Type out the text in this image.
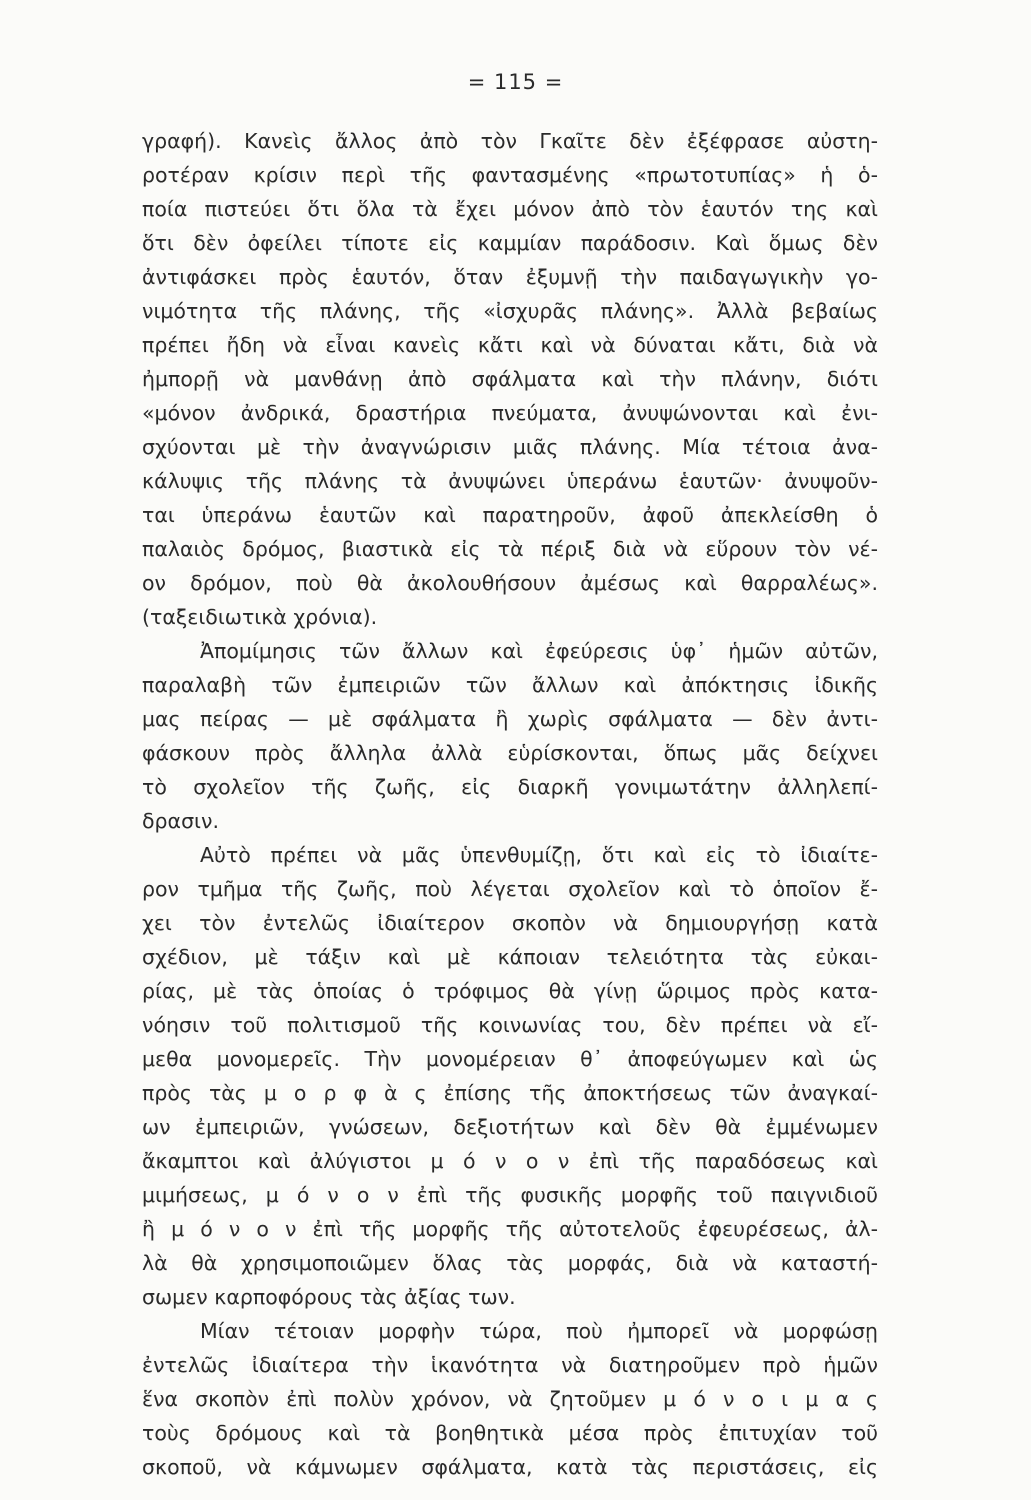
= 115 =
γραφή). Κανεὶς ἄλλος ἀπὸ τὸν Γκαῖτε δὲν ἐξέφρασε αὐστη-
ροτέραν κρίσιν περὶ τῆς φαντασμένης «πρωτοτυπίας» ἡ ὁ-
ποία πιστεύει ὅτι ὅλα τὰ ἔχει μόνον ἀπὸ τὸν ἑαυτόν της καὶ
ὅτι δὲν ὀφείλει τίποτε εἰς καμμίαν παράδοσιν. Καὶ ὅμως δὲν
ἀντιφάσκει πρὸς ἑαυτόν, ὅταν ἐξυμνῇ τὴν παιδαγωγικὴν γο-
νιμότητα τῆς πλάνης, τῆς «ἰσχυρᾶς πλάνης». Ἀλλὰ βεβαίως
πρέπει ἤδη νὰ εἶναι κανεὶς κἄτι καὶ νὰ δύναται κἄτι, διὰ νὰ
ἠμπορῇ νὰ μανθάνῃ ἀπὸ σφάλματα καὶ τὴν πλάνην, διότι
«μόνον ἀνδρικά, δραστήρια πνεύματα, ἀνυψώνονται καὶ ἐνι-
σχύονται μὲ τὴν ἀναγνώρισιν μιᾶς πλάνης. Μία τέτοια ἀνα-
κάλυψις τῆς πλάνης τὰ ἀνυψώνει ὑπεράνω ἑαυτῶν· ἀνυψοῦν-
ται ὑπεράνω ἑαυτῶν καὶ παρατηροῦν, ἀφοῦ ἀπεκλείσθη ὁ
παλαιὸς δρόμος, βιαστικὰ εἰς τὰ πέριξ διὰ νὰ εὕρουν τὸν νέ-
ον δρόμον, ποὺ θὰ ἀκολουθήσουν ἀμέσως καὶ θαρραλέως».
(ταξειδιωτικὰ χρόνια).
Ἀπομίμησις τῶν ἄλλων καὶ ἐφεύρεσις ὑφ᾽ ἡμῶν αὐτῶν,
παραλαβὴ τῶν ἐμπειριῶν τῶν ἄλλων καὶ ἀπόκτησις ἰδικῆς
μας πείρας — μὲ σφάλματα ἢ χωρὶς σφάλματα — δὲν ἀντι-
φάσκουν πρὸς ἄλληλα ἀλλὰ εὑρίσκονται, ὅπως μᾶς δείχνει
τὸ σχολεῖον τῆς ζωῆς, εἰς διαρκῆ γονιμωτάτην ἀλληλεπί-
δρασιν.
Αὐτὸ πρέπει νὰ μᾶς ὑπενθυμίζῃ, ὅτι καὶ εἰς τὸ ἰδιαίτε-
ρον τμῆμα τῆς ζωῆς, ποὺ λέγεται σχολεῖον καὶ τὸ ὁποῖον ἔ-
χει τὸν ἐντελῶς ἰδιαίτερον σκοπὸν νὰ δημιουργήσῃ κατὰ
σχέδιον, μὲ τάξιν καὶ μὲ κάποιαν τελειότητα τὰς εὐκαι-
ρίας, μὲ τὰς ὁποίας ὁ τρόφιμος θὰ γίνῃ ὥριμος πρὸς κατα-
νόησιν τοῦ πολιτισμοῦ τῆς κοινωνίας του, δὲν πρέπει νὰ εἴ-
μεθα μονομερεῖς. Τὴν μονομέρειαν θ᾽ ἀποφεύγωμεν καὶ ὡς
πρὸς τὰς μ ο ρ φ ὰ ς ἐπίσης τῆς ἀποκτήσεως τῶν ἀναγκαί-
ων ἐμπειριῶν, γνώσεων, δεξιοτήτων καὶ δὲν θὰ ἐμμένωμεν
ἄκαμπτοι καὶ ἀλύγιστοι μ ό ν ο ν ἐπὶ τῆς παραδόσεως καὶ
μιμήσεως, μ ό ν ο ν ἐπὶ τῆς φυσικῆς μορφῆς τοῦ παιγνιδιοῦ
ἢ μ ό ν ο ν ἐπὶ τῆς μορφῆς τῆς αὐτοτελοῦς ἐφευρέσεως, ἀλ-
λὰ θὰ χρησιμοποιῶμεν ὅλας τὰς μορφάς, διὰ νὰ καταστή-
σωμεν καρποφόρους τὰς ἀξίας των.
Μίαν τέτοιαν μορφὴν τώρα, ποὺ ἠμπορεῖ νὰ μορφώσῃ
ἐντελῶς ἰδιαίτερα τὴν ἱκανότητα νὰ διατηροῦμεν πρὸ ἡμῶν
ἕνα σκοπὸν ἐπὶ πολὺν χρόνον, νὰ ζητοῦμεν μ ό ν ο ι μ α ς
τοὺς δρόμους καὶ τὰ βοηθητικὰ μέσα πρὸς ἐπιτυχίαν τοῦ
σκοποῦ, νὰ κάμνωμεν σφάλματα, κατὰ τὰς περιστάσεις, εἰς
